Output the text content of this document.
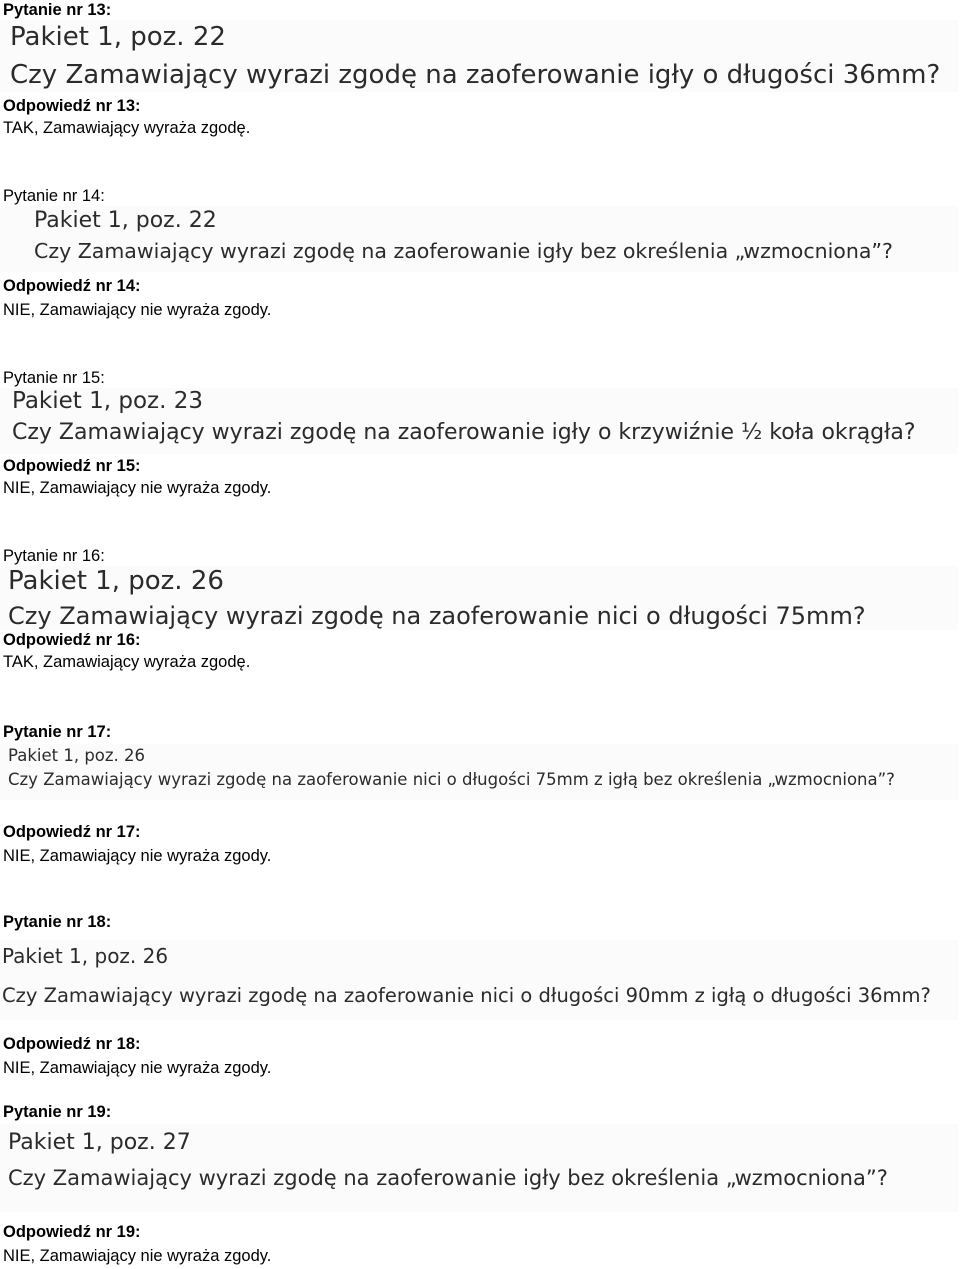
Pytanie nr 13:
Pakiet 1, poz. 22
Czy Zamawiający wyrazi zgodę na zaoferowanie igły o długości 36mm?
Odpowiedź nr 13:
TAK, Zamawiający wyraża zgodę.
Pytanie nr 14:
Pakiet 1, poz. 22
Czy Zamawiający wyrazi zgodę na zaoferowanie igły bez określenia „wzmocniona”?
Odpowiedź nr 14:
NIE, Zamawiający nie wyraża zgody.
Pytanie nr 15:
Pakiet 1, poz. 23
Czy Zamawiający wyrazi zgodę na zaoferowanie igły o krzywiźnie ½ koła okrągła?
Odpowiedź nr 15:
NIE, Zamawiający nie wyraża zgody.
Pytanie nr 16:
Pakiet 1, poz. 26
Czy Zamawiający wyrazi zgodę na zaoferowanie nici o długości 75mm?
Odpowiedź nr 16:
TAK, Zamawiający wyraża zgodę.
Pytanie nr 17:
Pakiet 1, poz. 26
Czy Zamawiający wyrazi zgodę na zaoferowanie nici o długości 75mm z igłą bez określenia „wzmocniona”?
Odpowiedź nr 17:
NIE, Zamawiający nie wyraża zgody.
Pytanie nr 18:
Pakiet 1, poz. 26
Czy Zamawiający wyrazi zgodę na zaoferowanie nici o długości 90mm z igłą o długości 36mm?
Odpowiedź nr 18:
NIE, Zamawiający nie wyraża zgody.
Pytanie nr 19:
Pakiet 1, poz. 27
Czy Zamawiający wyrazi zgodę na zaoferowanie igły bez określenia „wzmocniona”?
Odpowiedź nr 19:
NIE, Zamawiający nie wyraża zgody.
